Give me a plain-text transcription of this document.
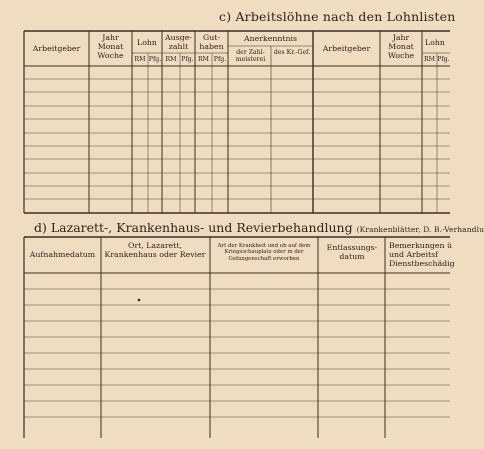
c) Arbeitslöhne nach den Lohnlisten
Arbeitgeber
Jahr Monat Woche
Lohn
Ausge- zahlt
Gut- haben
Anerkenntnis
der Zahl- meisterei
des Kr.-Gef.
RM Pfg. RM Pfg. RM Pfg.
Arbeitgeber
Jahr Monat Woche
Lohn
RM Pfg.
d) Lazarett-, Krankenhaus- und Revierbehandlung (Krankenblätter, D. B.-Verhandlu
Aufnahmedatum
Ort, Lazarett, Krankenhaus oder Revier
Art der Krankheit und ob auf dem Kriegsschauplatz oder in der Gefangenschaft erworben
Entlassungs- datum
Bemerkungen ü und Arbeitsf Dienstbeschädig
